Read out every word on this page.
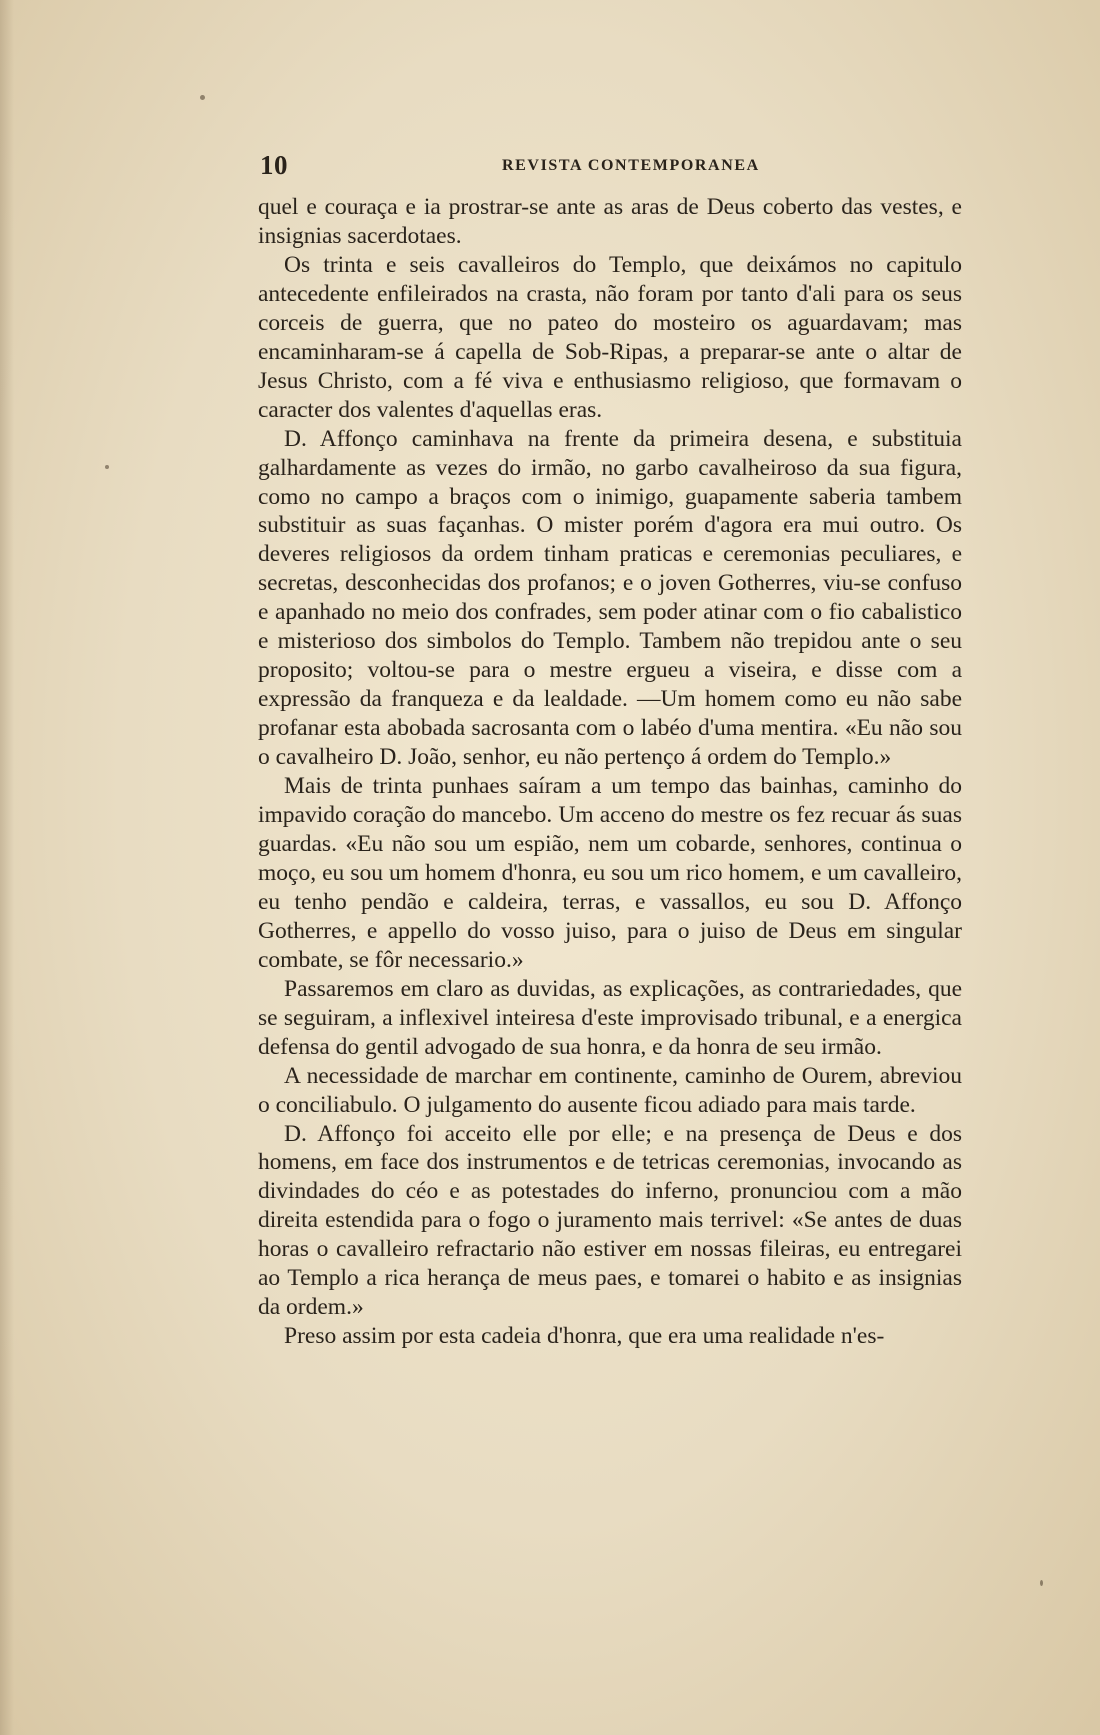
10	REVISTA CONTEMPORANEA

quel e couraça e ia prostrar-se ante as aras de Deus coberto das vestes, e insignias sacerdotaes.

Os trinta e seis cavalleiros do Templo, que deixámos no capitulo antecedente enfileirados na crasta, não foram por tanto d'ali para os seus corceis de guerra, que no pateo do mosteiro os aguardavam; mas encaminharam-se á capella de Sob-Ripas, a preparar-se ante o altar de Jesus Christo, com a fé viva e enthusiasmo religioso, que formavam o caracter dos valentes d'aquellas eras.

D. Affonço caminhava na frente da primeira desena, e substituia galhardamente as vezes do irmão, no garbo cavalheiroso da sua figura, como no campo a braços com o inimigo, guapamente saberia tambem substituir as suas façanhas. O mister porém d'agora era mui outro. Os deveres religiosos da ordem tinham praticas e ceremonias peculiares, e secretas, desconhecidas dos profanos; e o joven Gotherres, viu-se confuso e apanhado no meio dos confrades, sem poder atinar com o fio cabalistico e misterioso dos simbolos do Templo. Tambem não trepidou ante o seu proposito; voltou-se para o mestre ergueu a viseira, e disse com a expressão da franqueza e da lealdade. —Um homem como eu não sabe profanar esta abobada sacrosanta com o labéo d'uma mentira. «Eu não sou o cavalheiro D. João, senhor, eu não pertenço á ordem do Templo.»

Mais de trinta punhaes saíram a um tempo das bainhas, caminho do impavido coração do mancebo. Um acceno do mestre os fez recuar ás suas guardas. «Eu não sou um espião, nem um cobarde, senhores, continua o moço, eu sou um homem d'honra, eu sou um rico homem, e um cavalleiro, eu tenho pendão e caldeira, terras, e vassallos, eu sou D. Affonço Gotherres, e appello do vosso juiso, para o juiso de Deus em singular combate, se fôr necessario.»

Passaremos em claro as duvidas, as explicações, as contrariedades, que se seguiram, a inflexivel inteiresa d'este improvisado tribunal, e a energica defensa do gentil advogado de sua honra, e da honra de seu irmão.

A necessidade de marchar em continente, caminho de Ourem, abreviou o conciliabulo. O julgamento do ausente ficou adiado para mais tarde.

D. Affonço foi acceito elle por elle; e na presença de Deus e dos homens, em face dos instrumentos e de tetricas ceremonias, invocando as divindades do céo e as potestades do inferno, pronunciou com a mão direita estendida para o fogo o juramento mais terrivel: «Se antes de duas horas o cavalleiro refractario não estiver em nossas fileiras, eu entregarei ao Templo a rica herança de meus paes, e tomarei o habito e as insignias da ordem.»

Preso assim por esta cadeia d'honra, que era uma realidade n'es-
